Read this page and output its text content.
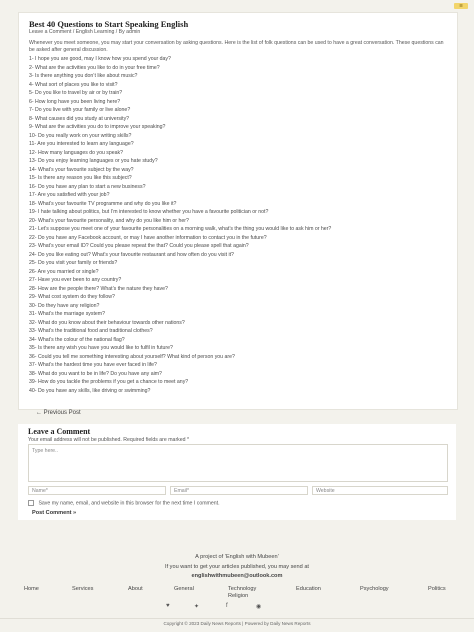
☰
Best 40 Questions to Start Speaking English
Leave a Comment / English Learning / By admin
Whenever you meet someone, you may start your conversation by asking questions. Here is the list of folk questions can be used to have a great conversation. These questions can be asked after general discussion.
1- I hope you are good, may I know how you spend your day?
2- What are the activities you like to do in your free time?
3- Is there anything you don’t like about music?
4- What sort of places you like to visit?
5- Do you like to travel by air or by train?
6- How long have you been living here?
7- Do you live with your family or live alone?
8- What causes did you study at university?
9- What are the activities you do to improve your speaking?
10- Do you really work on your writing skills?
11- Are you interested to learn any language?
12- How many languages do you speak?
13- Do you enjoy learning languages or you hate study?
14- What’s your favourite subject by the way?
15- Is there any reason you like this subject?
16- Do you have any plan to start a new business?
17- Are you satisfied with your job?
18- What’s your favourite TV programme and why do you like it?
19- I hate talking about politics, but I’m interested to know whether you have a favourite politician or not?
20- What’s your favourite personality, and why do you like him or her?
21- Let’s suppose you meet one of your favourite personalities on a morning walk, what’s the thing you would like to ask him or her?
22- Do you have any Facebook account, or may I have another information to contact you in the future?
23- What’s your email ID? Could you please repeat the that? Could you please spell that again?
24- Do you like eating out? What’s your favourite restaurant and how often do you visit it?
25- Do you visit your family or friends?
26- Are you married or single?
27- Have you ever been to any country?
28- How are the people there? What’s the nature they have?
29- What cost system do they follow?
30- Do they have any religion?
31- What’s the marriage system?
32- What do you know about their behaviour towards other nations?
33- What’s the traditional food and traditional clothes?
34- What’s the colour of the national flag?
35- Is there any wish you have you would like to fulfil in future?
36- Could you tell me something interesting about yourself? What kind of person you are?
37- What’s the hardest time you have ever faced in life?
38- What do you want to be in life? Do you have any aim?
39- How do you tackle the problems if you get a chance to meet any?
40- Do you have any skills, like driving or swimming?
← Previous Post
Leave a Comment
Your email address will not be published. Required fields are marked *
Type here..
Name*	Email*	Website
Save my name, email, and website in this browser for the next time I comment.
Post Comment »
A project of ‘English with Mubeen’
If you want to get your articles published, you may send at
englishwithmubeen@outlook.com
Home	Services	About	General	Technology
Religion
Education	Psychology	Politics
♥	✦	f	◉
Copyright © 2023 Daily News Reports | Powered by Daily News Reports
